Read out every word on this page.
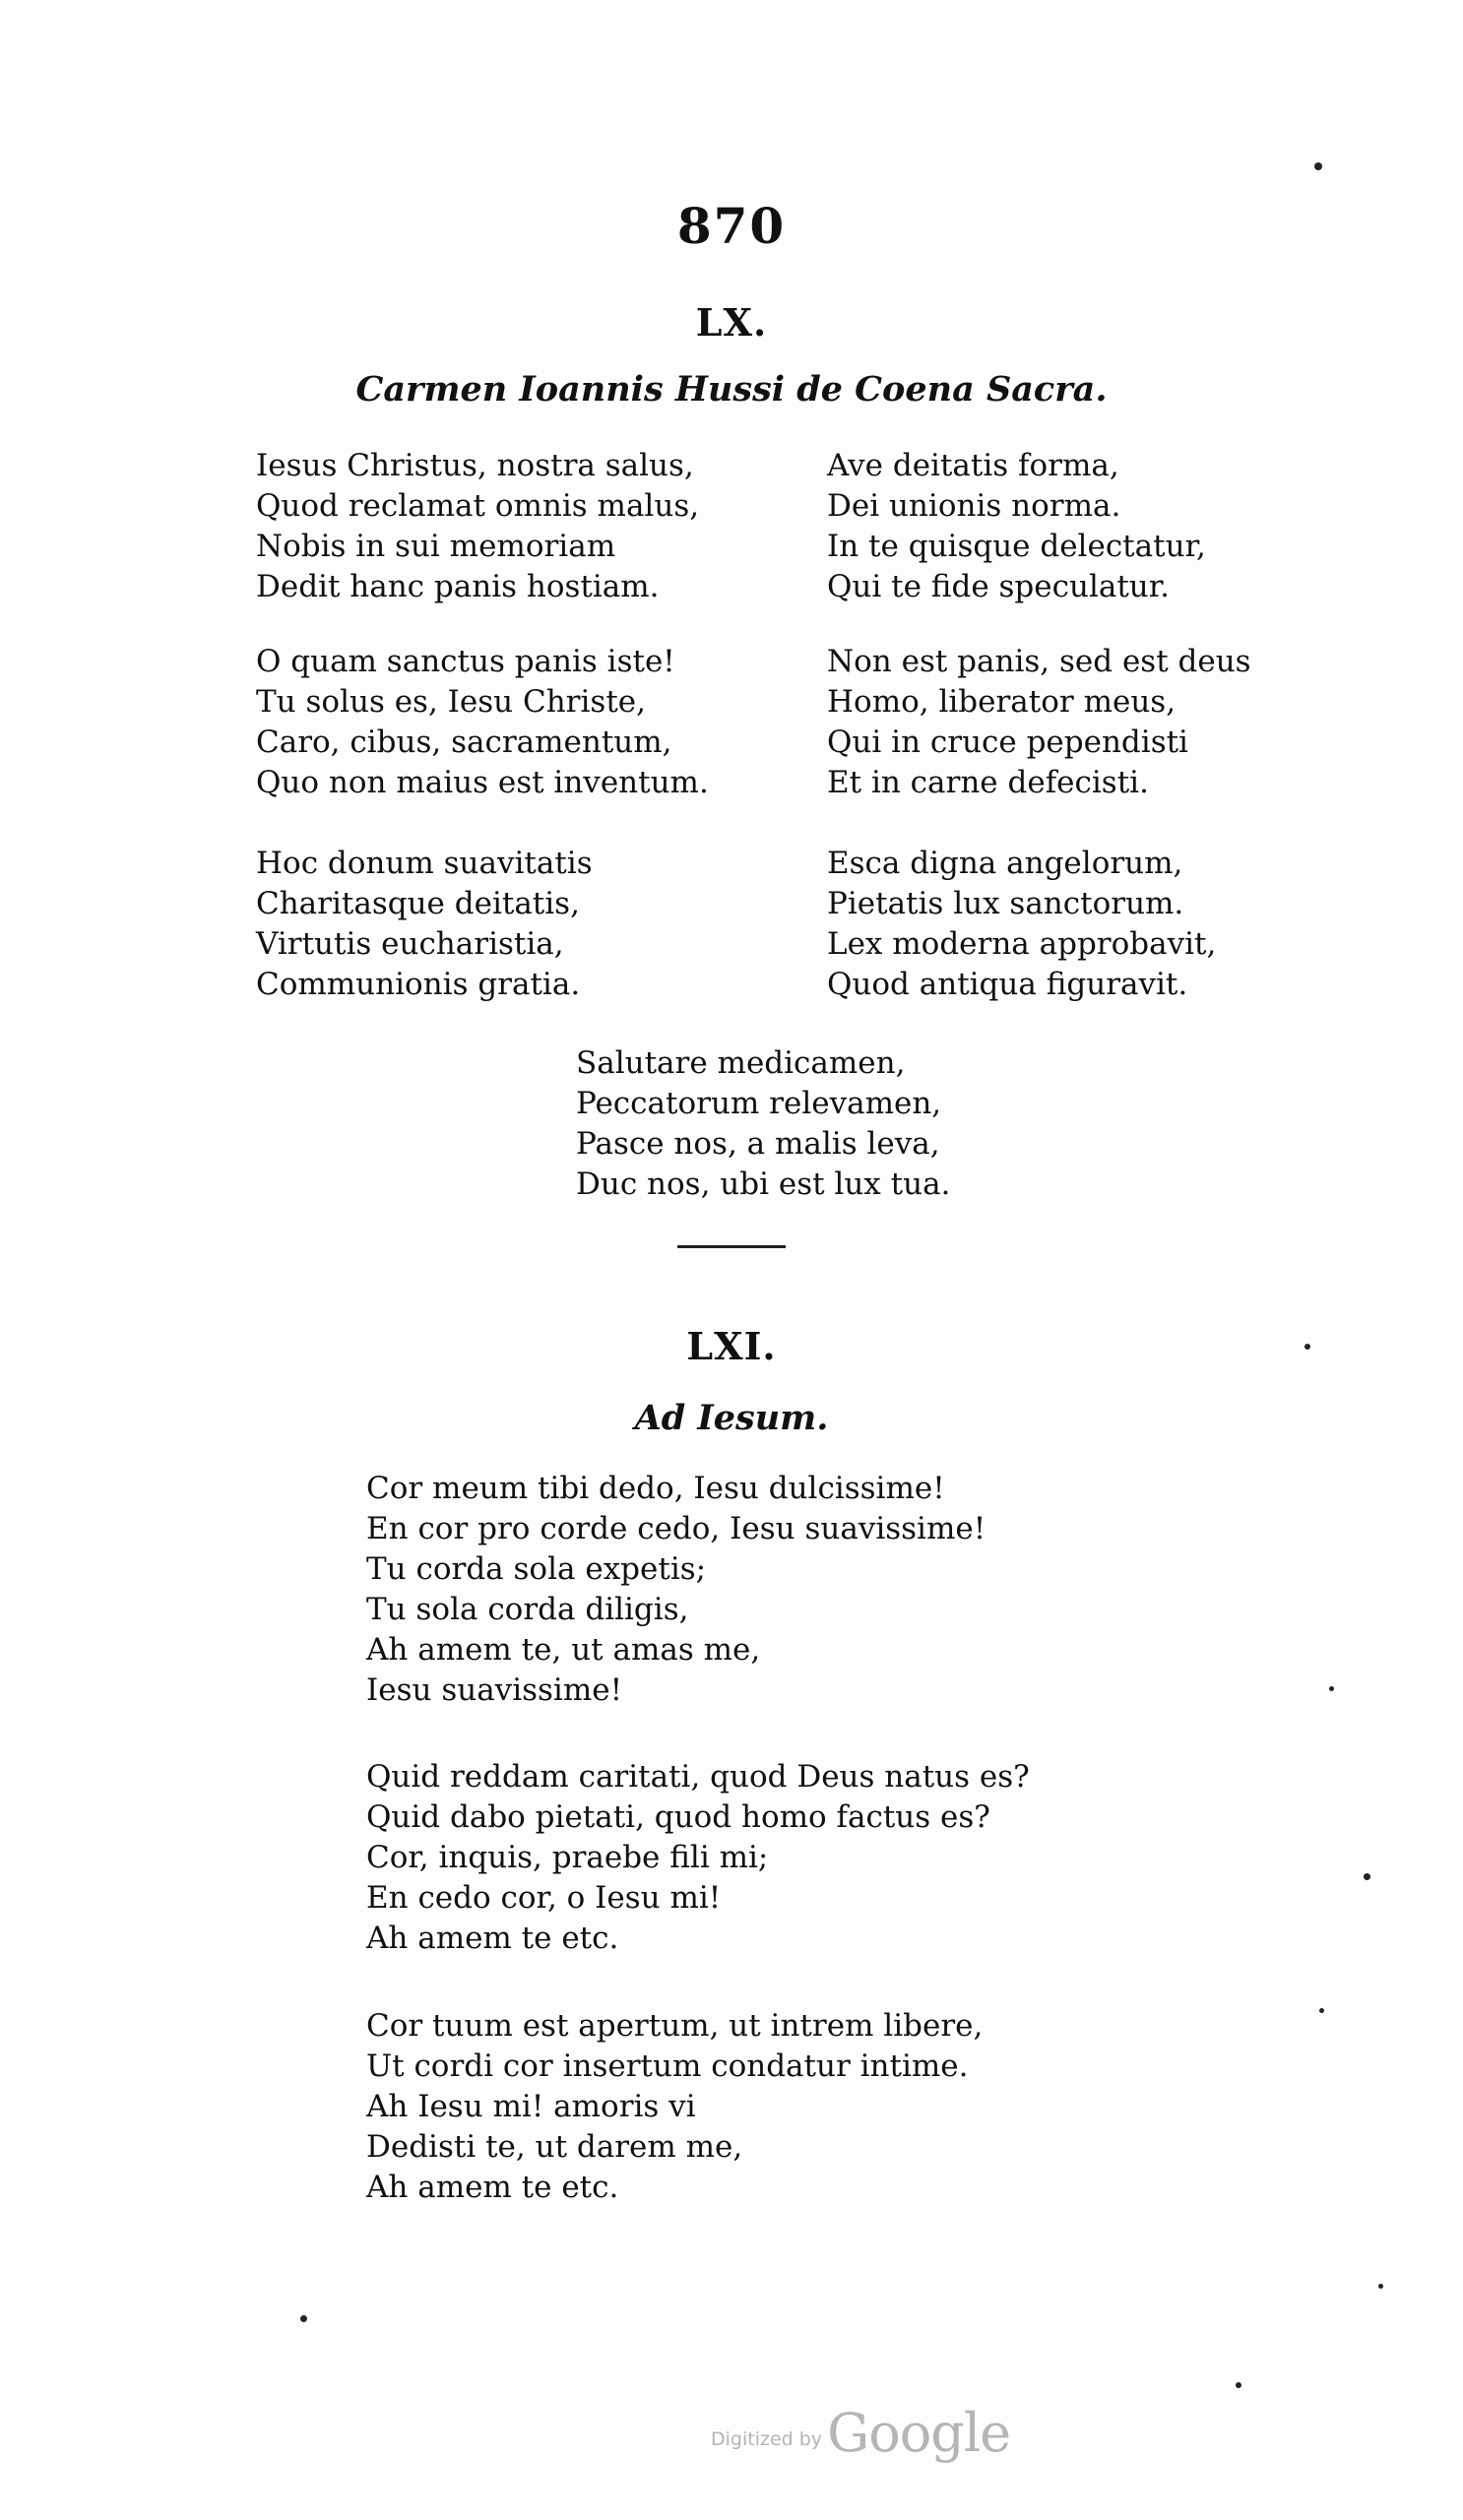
870
LX.
Carmen Ioannis Hussi de Coena Sacra.
Iesus Christus, nostra salus,
Quod reclamat omnis malus,
Nobis in sui memoriam
Dedit hanc panis hostiam.
Ave deitatis forma,
Dei unionis norma.
In te quisque delectatur,
Qui te fide speculatur.
O quam sanctus panis iste!
Tu solus es, Iesu Christe,
Caro, cibus, sacramentum,
Quo non maius est inventum.
Non est panis, sed est deus
Homo, liberator meus,
Qui in cruce pependisti
Et in carne defecisti.
Hoc donum suavitatis
Charitasque deitatis,
Virtutis eucharistia,
Communionis gratia.
Esca digna angelorum,
Pietatis lux sanctorum.
Lex moderna approbavit,
Quod antiqua figuravit.
Salutare medicamen,
Peccatorum relevamen,
Pasce nos, a malis leva,
Duc nos, ubi est lux tua.
LXI.
Ad Iesum.
Cor meum tibi dedo, Iesu dulcissime!
En cor pro corde cedo, Iesu suavissime!
Tu corda sola expetis;
Tu sola corda diligis,
Ah amem te, ut amas me,
Iesu suavissime!
Quid reddam caritati, quod Deus natus es?
Quid dabo pietati, quod homo factus es?
Cor, inquis, praebe fili mi;
En cedo cor, o Iesu mi!
Ah amem te etc.
Cor tuum est apertum, ut intrem libere,
Ut cordi cor insertum condatur intime.
Ah Iesu mi! amoris vi
Dedisti te, ut darem me,
Ah amem te etc.
Digitized by Google
